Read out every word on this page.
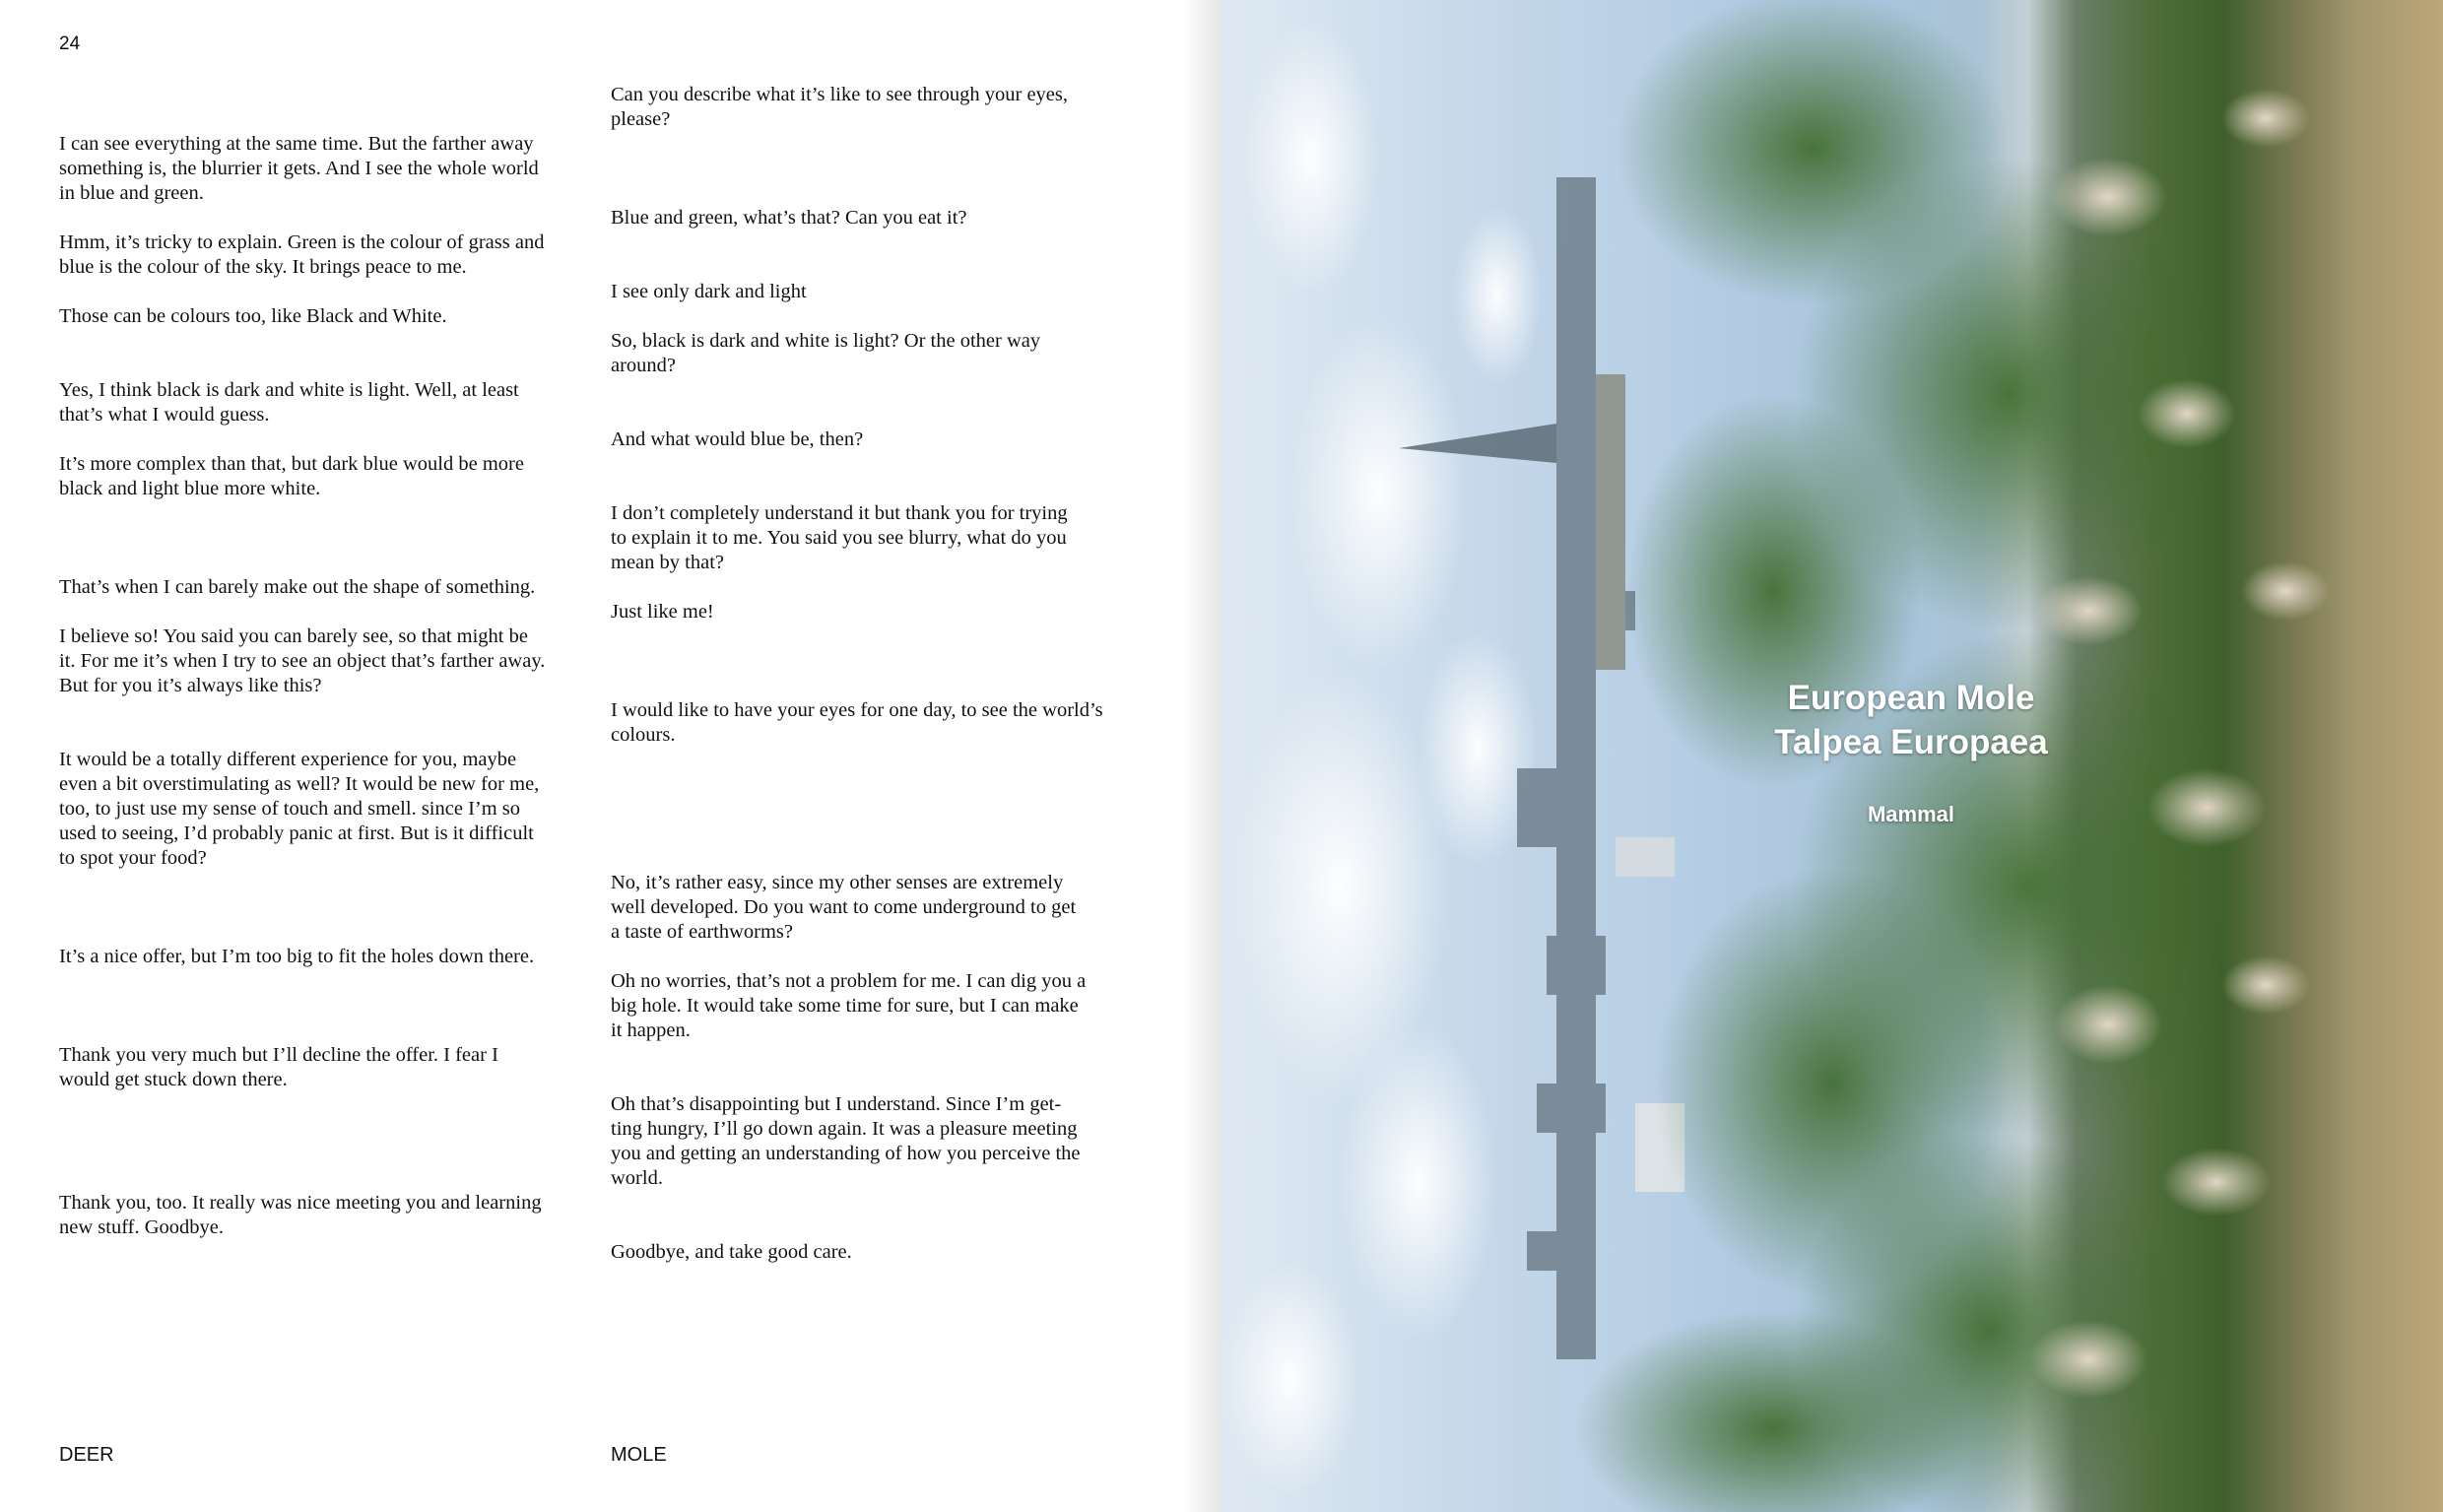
24

I can see everything at the same time. But the farther away

something is, the blurrier it gets. And I see the whole world

in blue and green.

Hmm, it’s tricky to explain. Green is the colour of grass and

blue is the colour of the sky. It brings peace to me.

Those can be colours too, like Black and White.

Yes, I think black is dark and white is light. Well, at least

that’s what I would guess.

It’s more complex than that, but dark blue would be more

black and light blue more white.

That’s when I can barely make out the shape of something.

I believe so! You said you can barely see, so that might be

it. For me it’s when I try to see an object that’s farther away.

But for you it’s always like this?

It would be a totally different experience for you, maybe

even a bit overstimulating as well? It would be new for me,

too, to just use my sense of touch and smell. since I’m so

used to seeing, I’d probably panic at first. But is it difficult

to spot your food?

It’s a nice offer, but I’m too big to fit the holes down there.

Thank you very much but I’ll decline the offer. I fear I

would get stuck down there.

Thank you, too. It really was nice meeting you and learning

new stuff. Goodbye.

Can you describe what it’s like to see through your eyes,

please?

Blue and green, what’s that? Can you eat it?

I see only dark and light

So, black is dark and white is light? Or the other way

around?

And what would blue be, then?

I don’t completely understand it but thank you for trying

to explain it to me. You said you see blurry, what do you

mean by that?

Just like me!

I would like to have your eyes for one day, to see the world’s

colours.

No, it’s rather easy, since my other senses are extremely

well developed. Do you want to come underground to get

a taste of earthworms?

Oh no worries, that’s not a problem for me. I can dig you a

big hole. It would take some time for sure, but I can make

it happen.

Oh that’s disappointing but I understand. Since I’m get-

ting hungry, I’ll go down again. It was a pleasure meeting

you and getting an understanding of how you perceive the

world.

Goodbye, and take good care.

DEER	MOLE
European Mole
Talpea Europaea
Mammal
